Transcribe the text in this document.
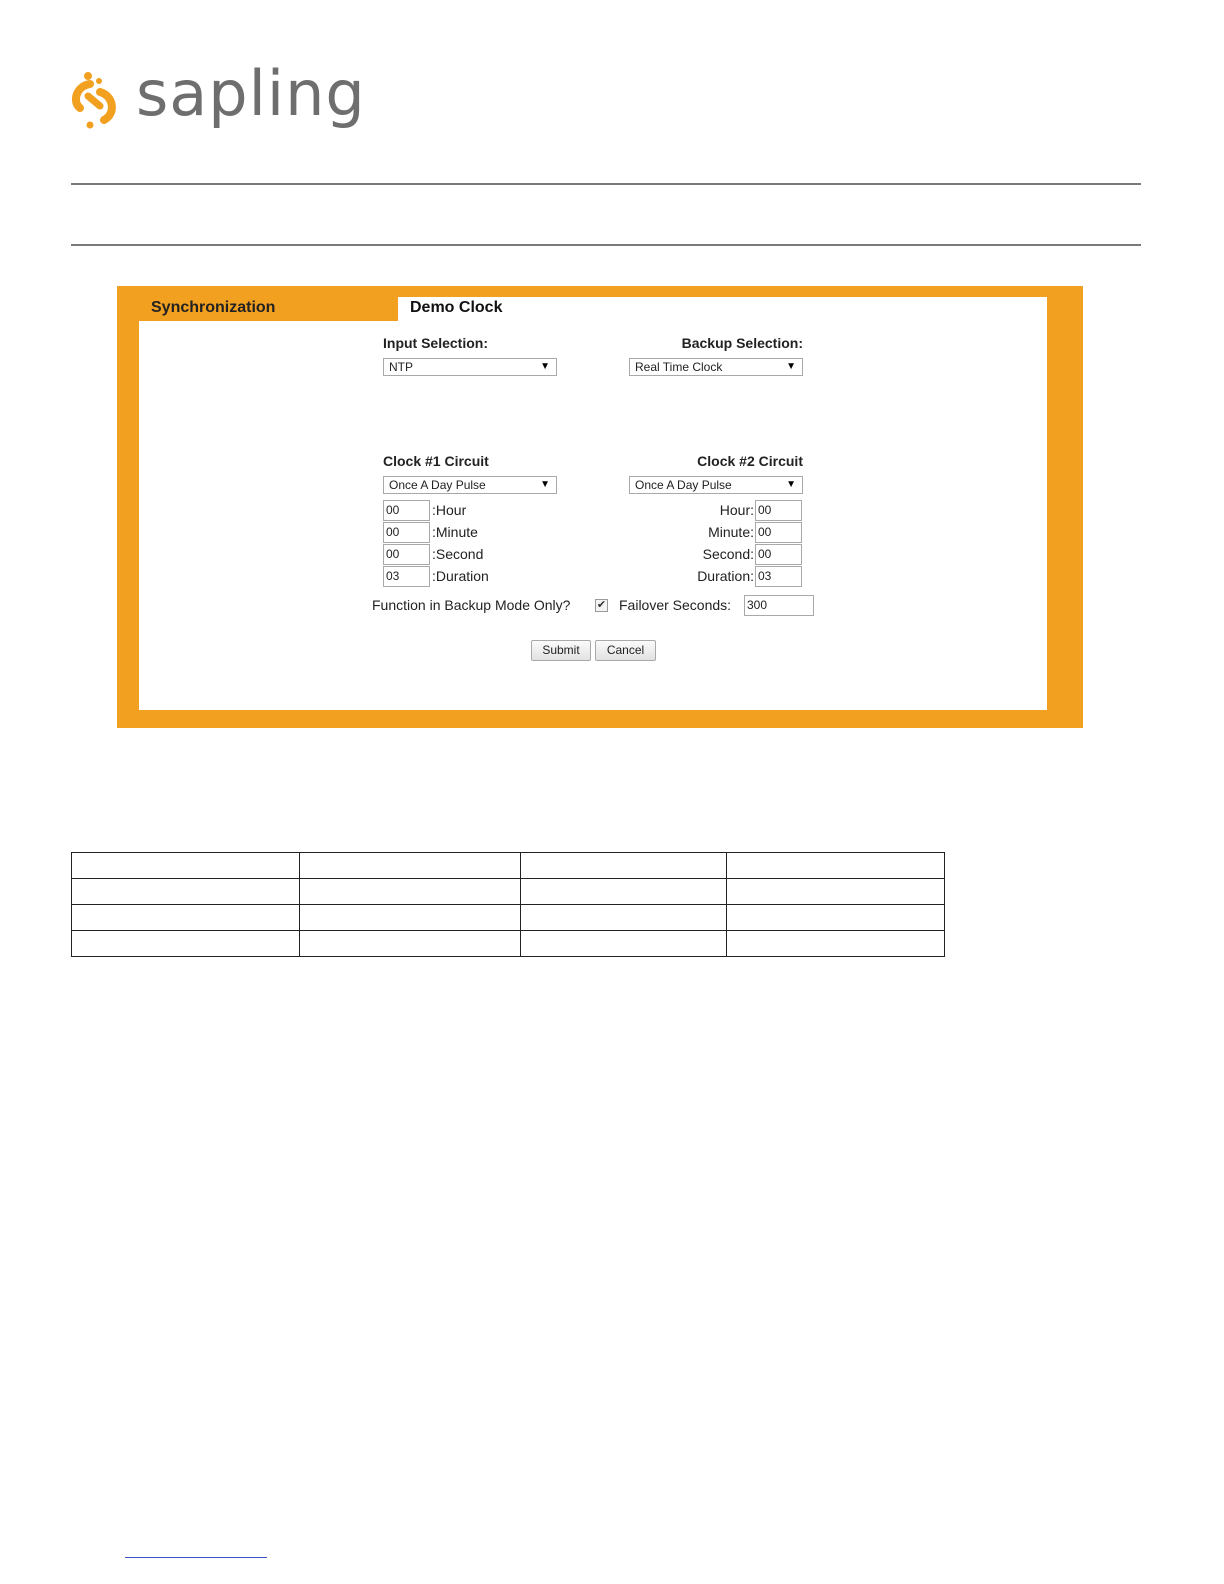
sapling
Synchronization	Demo Clock
Input Selection:
NTP	▼
Backup Selection:
Real Time Clock	▼
Clock #1 Circuit
Once A Day Pulse	▼
00	:Hour
00	:Minute
00	:Second
03	:Duration
Clock #2 Circuit
Once A Day Pulse	▼
Hour: 00
Minute: 00
Second: 00
Duration: 03
Function in Backup Mode Only? ✔ Failover Seconds: 300
Submit	Cancel
